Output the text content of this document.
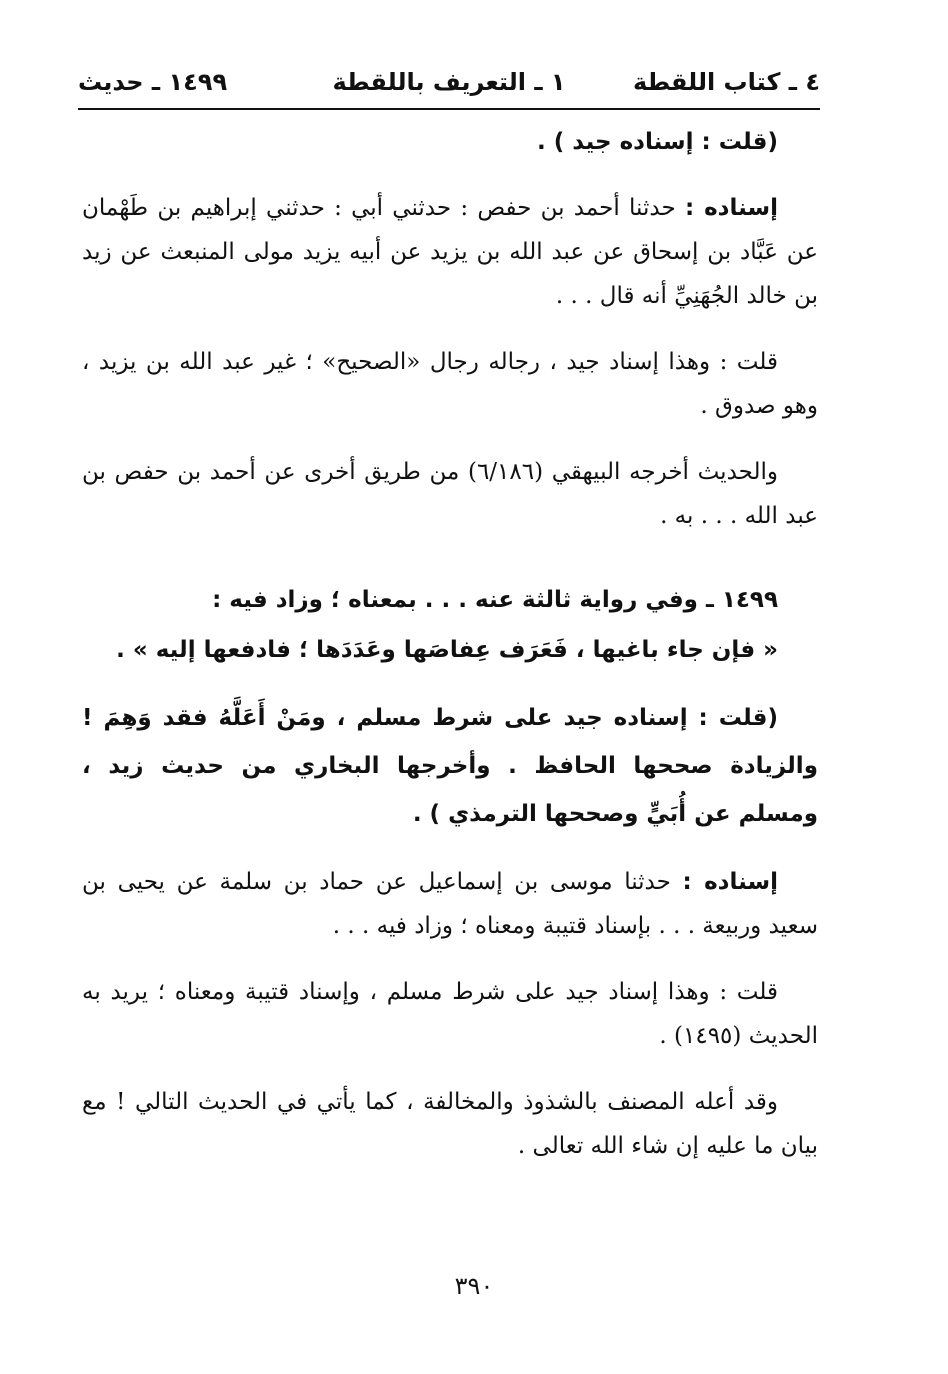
٤ ـ كتاب اللقطة
١ ـ التعريف باللقطة
١٤٩٩ ـ حديث

(قلت : إسناده جيد ) .

إسناده : حدثنا أحمد بن حفص : حدثني أبي : حدثني إبراهيم بن طَهْمان عن عَبَّاد بن إسحاق عن عبد الله بن يزيد عن أبيه يزيد مولى المنبعث عن زيد بن خالد الجُهَنِيِّ أنه قال . . .

قلت : وهذا إسناد جيد ، رجاله رجال «الصحيح» ؛ غير عبد الله بن يزيد ، وهو صدوق .

والحديث أخرجه البيهقي (٦/١٨٦) من طريق أخرى عن أحمد بن حفص بن عبد الله . . . به .

١٤٩٩ ـ وفي رواية ثالثة عنه . . . بمعناه ؛ وزاد فيه :

« فإن جاء باغيها ، فَعَرَف عِفاصَها وعَدَدَها ؛ فادفعها إليه » .

(قلت : إسناده جيد على شرط مسلم ، ومَنْ أَعَلَّهُ فقد وَهِمَ ! والزيادة صححها الحافظ . وأخرجها البخاري من حديث زيد ، ومسلم عن أُبَيٍّ وصححها الترمذي ) .

إسناده : حدثنا موسى بن إسماعيل عن حماد بن سلمة عن يحيى بن سعيد وربيعة . . . بإسناد قتيبة ومعناه ؛ وزاد فيه . . .

قلت : وهذا إسناد جيد على شرط مسلم ، وإسناد قتيبة ومعناه ؛ يريد به الحديث (١٤٩٥) .

وقد أعله المصنف بالشذوذ والمخالفة ، كما يأتي في الحديث التالي ! مع بيان ما عليه إن شاء الله تعالى .

٣٩٠
